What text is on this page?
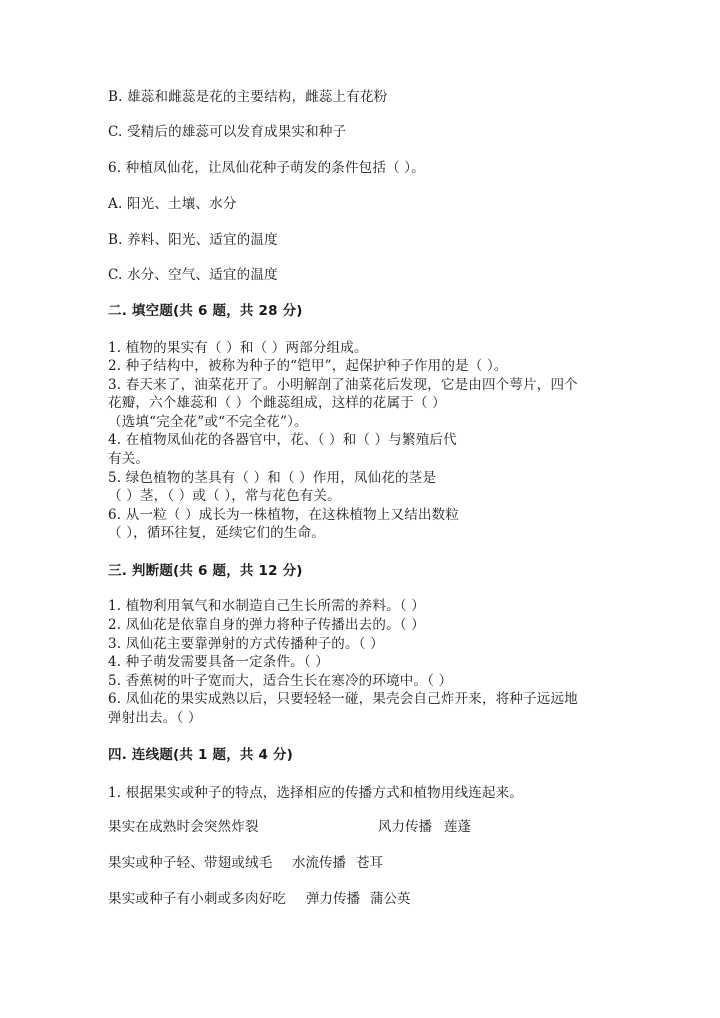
B. 雄蕊和雌蕊是花的主要结构，雌蕊上有花粉
C. 受精后的雄蕊可以发育成果实和种子
6. 种植凤仙花，让凤仙花种子萌发的条件包括（ ）。
A. 阳光、土壤、水分
B. 养料、阳光、适宜的温度
C. 水分、空气、适宜的温度
二. 填空题(共 6 题，共 28 分)
1. 植物的果实有（ ）和（ ）两部分组成。
2. 种子结构中，被称为种子的“铠甲”，起保护种子作用的是（ ）。
3. 春天来了，油菜花开了。小明解剖了油菜花后发现，它是由四个萼片，四个
花瓣，六个雄蕊和（ ）个雌蕊组成，这样的花属于（ ）
（选填“完全花”或“不完全花”）。
4. 在植物凤仙花的各器官中，花、（ ）和（ ）与繁殖后代
有关。
5. 绿色植物的茎具有（ ）和（ ）作用，凤仙花的茎是
（ ）茎，（ ）或（ ），常与花色有关。
6. 从一粒（ ）成长为一株植物，在这株植物上又结出数粒
（ ），循环往复，延续它们的生命。
三. 判断题(共 6 题，共 12 分)
1. 植物利用氧气和水制造自己生长所需的养料。（ ）
2. 凤仙花是依靠自身的弹力将种子传播出去的。（ ）
3. 凤仙花主要靠弹射的方式传播种子的。（ ）
4. 种子萌发需要具备一定条件。（ ）
5. 香蕉树的叶子宽而大，适合生长在寒冷的环境中。（ ）
6. 凤仙花的果实成熟以后，只要轻轻一碰，果壳会自己炸开来，将种子远远地
弹射出去。（ ）
四. 连线题(共 1 题，共 4 分)
1. 根据果实或种子的特点，选择相应的传播方式和植物用线连起来。
果实在成熟时会突然炸裂	风力传播 莲蓬
果实或种子轻、带翅或绒毛 水流传播 苍耳
果实或种子有小刺或多肉好吃 弹力传播 蒲公英
